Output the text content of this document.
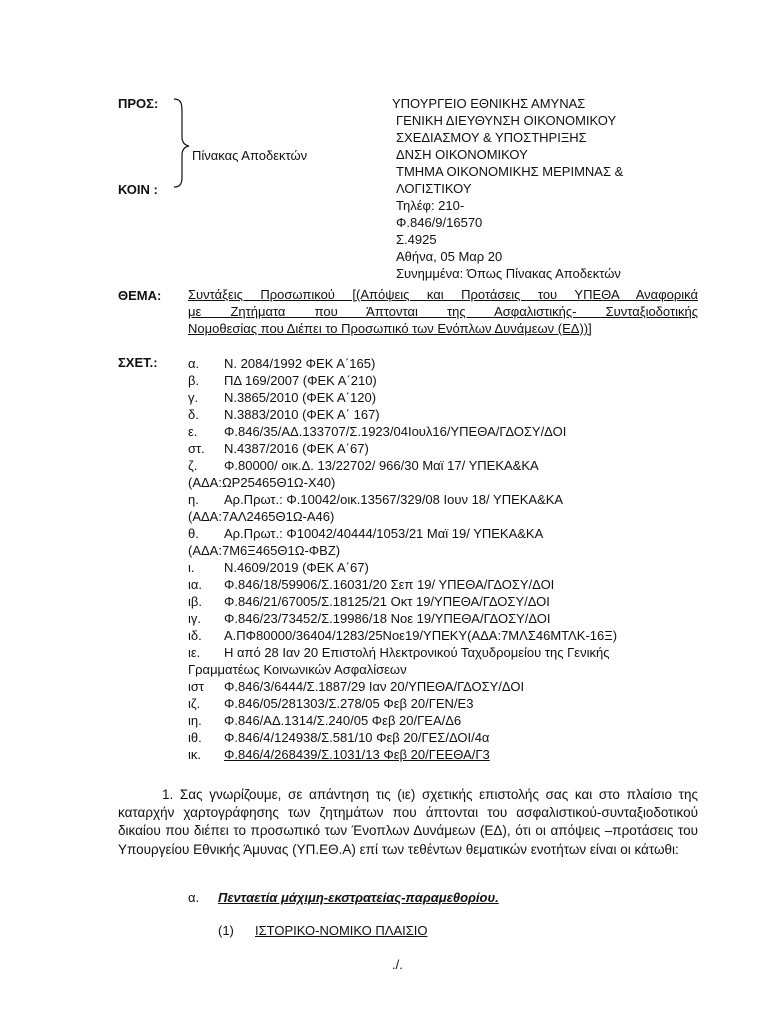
ΠΡΟΣ:
ΚΟΙΝ :
Πίνακας Αποδεκτών
ΥΠΟΥΡΓΕΙΟ ΕΘΝΙΚΗΣ ΑΜΥΝΑΣ
ΓΕΝΙΚΗ ΔΙΕΥΘΥΝΣΗ ΟΙΚΟΝΟΜΙΚΟΥ
ΣΧΕΔΙΑΣΜΟΥ & ΥΠΟΣΤΗΡΙΞΗΣ
ΔΝΣΗ ΟΙΚΟΝΟΜΙΚΟΥ
ΤΜΗΜΑ ΟΙΚΟΝΟΜΙΚΗΣ ΜΕΡΙΜΝΑΣ &
ΛΟΓΙΣΤΙΚΟΥ
Τηλέφ: 210-
Φ.846/9/16570
Σ.4925
Αθήνα, 05 Μαρ 20
Συνημμένα: Όπως Πίνακας Αποδεκτών
ΘΕΜΑ: Συντάξεις Προσωπικού [(Απόψεις και Προτάσεις του ΥΠΕΘΑ Αναφορικά
με Ζητήματα που Άπτονται της Ασφαλιστικής- Συνταξιοδοτικής
Νομοθεσίας που Διέπει το Προσωπικό των Ενόπλων Δυνάμεων (ΕΔ))]
ΣΧΕΤ.: α. Ν. 2084/1992 ΦΕΚ Α΄165)
β. ΠΔ 169/2007 (ΦΕΚ Α΄210)
γ. Ν.3865/2010 (ΦΕΚ Α΄120)
δ. Ν.3883/2010 (ΦΕΚ Α΄ 167)
ε. Φ.846/35/ΑΔ.133707/Σ.1923/04Ιουλ16/ΥΠΕΘΑ/ΓΔΟΣΥ/ΔΟΙ
στ. Ν.4387/2016 (ΦΕΚ Α΄67)
ζ. Φ.80000/ οικ.Δ. 13/22702/ 966/30 Μαϊ 17/ ΥΠΕΚΑ&ΚΑ
(ΑΔΑ:ΩΡ25465Θ1Ω-Χ40)
η. Αρ.Πρωτ.: Φ.10042/οικ.13567/329/08 Ιουν 18/ ΥΠΕΚΑ&ΚΑ
(ΑΔΑ:7ΑΛ2465Θ1Ω-Α46)
θ. Αρ.Πρωτ.: Φ10042/40444/1053/21 Μαϊ 19/ ΥΠΕΚΑ&ΚΑ
(ΑΔΑ:7Μ6Ξ465Θ1Ω-ΦΒΖ)
ι. Ν.4609/2019 (ΦΕΚ Α΄67)
ια. Φ.846/18/59906/Σ.16031/20 Σεπ 19/ ΥΠΕΘΑ/ΓΔΟΣΥ/ΔΟΙ
ιβ. Φ.846/21/67005/Σ.18125/21 Οκτ 19/ΥΠΕΘΑ/ΓΔΟΣΥ/ΔΟΙ
ιγ. Φ.846/23/73452/Σ.19986/18 Νοε 19/ΥΠΕΘΑ/ΓΔΟΣΥ/ΔΟΙ
ιδ. Α.ΠΦ80000/36404/1283/25Νοε19/ΥΠΕΚΥ(ΑΔΑ:7ΜΛΣ46ΜΤΛΚ-16Ξ)
ιε. Η από 28 Ιαν 20 Επιστολή Ηλεκτρονικού Ταχυδρομείου της Γενικής
Γραμματέως Κοινωνικών Ασφαλίσεων
ιστ Φ.846/3/6444/Σ.1887/29 Ιαν 20/ΥΠΕΘΑ/ΓΔΟΣΥ/ΔΟΙ
ιζ. Φ.846/05/281303/Σ.278/05 Φεβ 20/ΓΕΝ/Ε3
ιη. Φ.846/ΑΔ.1314/Σ.240/05 Φεβ 20/ΓΕΑ/Δ6
ιθ. Φ.846/4/124938/Σ.581/10 Φεβ 20/ΓΕΣ/ΔΟΙ/4α
ικ. Φ.846/4/268439/Σ.1031/13 Φεβ 20/ΓΕΕΘΑ/Γ3
1. Σας γνωρίζουμε, σε απάντηση τις (ιε) σχετικής επιστολής σας και στο πλαίσιο της καταρχήν χαρτογράφησης των ζητημάτων που άπτονται του ασφαλιστικού-συνταξιοδοτικού δικαίου που διέπει το προσωπικό των Ένοπλων Δυνάμεων (ΕΔ), ότι οι απόψεις –προτάσεις του Υπουργείου Εθνικής Άμυνας (ΥΠ.ΕΘ.Α) επί των τεθέντων θεματικών ενοτήτων είναι οι κάτωθι:
α. Πενταετία μάχιμη-εκστρατείας-παραμεθορίου.
(1) ΙΣΤΟΡΙΚΟ-ΝΟΜΙΚΟ ΠΛΑΙΣΙΟ
./.
